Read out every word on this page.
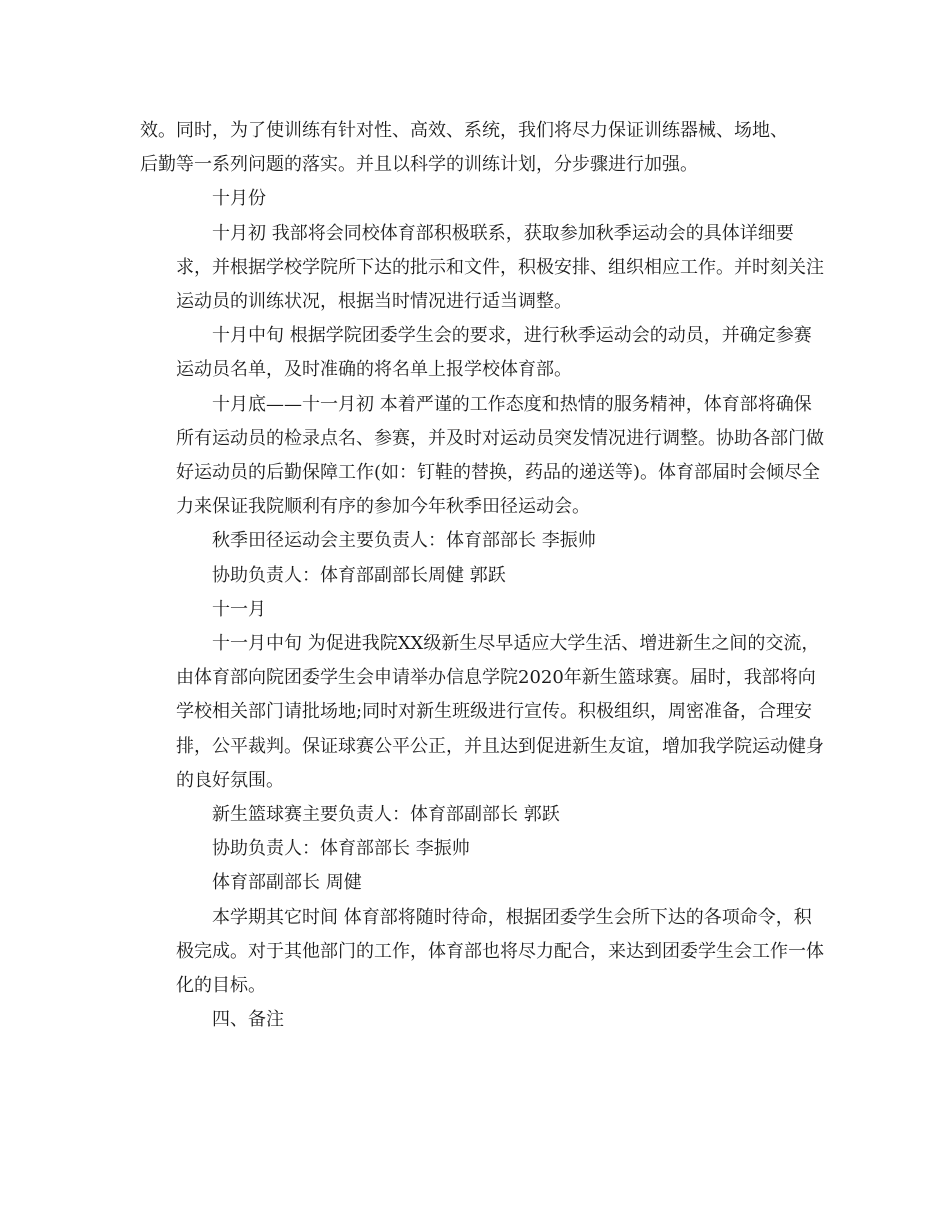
效。同时，为了使训练有针对性、高效、系统，我们将尽力保证训练器械、场地、
后勤等一系列问题的落实。并且以科学的训练计划，分步骤进行加强。
十月份
十月初 我部将会同校体育部积极联系，获取参加秋季运动会的具体详细要
求，并根据学校学院所下达的批示和文件，积极安排、组织相应工作。并时刻关注
运动员的训练状况，根据当时情况进行适当调整。
十月中旬 根据学院团委学生会的要求，进行秋季运动会的动员，并确定参赛
运动员名单，及时准确的将名单上报学校体育部。
十月底——十一月初 本着严谨的工作态度和热情的服务精神，体育部将确保
所有运动员的检录点名、参赛，并及时对运动员突发情况进行调整。协助各部门做
好运动员的后勤保障工作(如：钉鞋的替换，药品的递送等)。体育部届时会倾尽全
力来保证我院顺利有序的参加今年秋季田径运动会。
秋季田径运动会主要负责人：体育部部长 李振帅
协助负责人：体育部副部长周健 郭跃
十一月
十一月中旬 为促进我院XX级新生尽早适应大学生活、增进新生之间的交流，
由体育部向院团委学生会申请举办信息学院2020年新生篮球赛。届时，我部将向
学校相关部门请批场地;同时对新生班级进行宣传。积极组织，周密准备，合理安
排，公平裁判。保证球赛公平公正，并且达到促进新生友谊，增加我学院运动健身
的良好氛围。
新生篮球赛主要负责人：体育部副部长 郭跃
协助负责人：体育部部长 李振帅
体育部副部长 周健
本学期其它时间 体育部将随时待命，根据团委学生会所下达的各项命令，积
极完成。对于其他部门的工作，体育部也将尽力配合，来达到团委学生会工作一体
化的目标。
四、备注
